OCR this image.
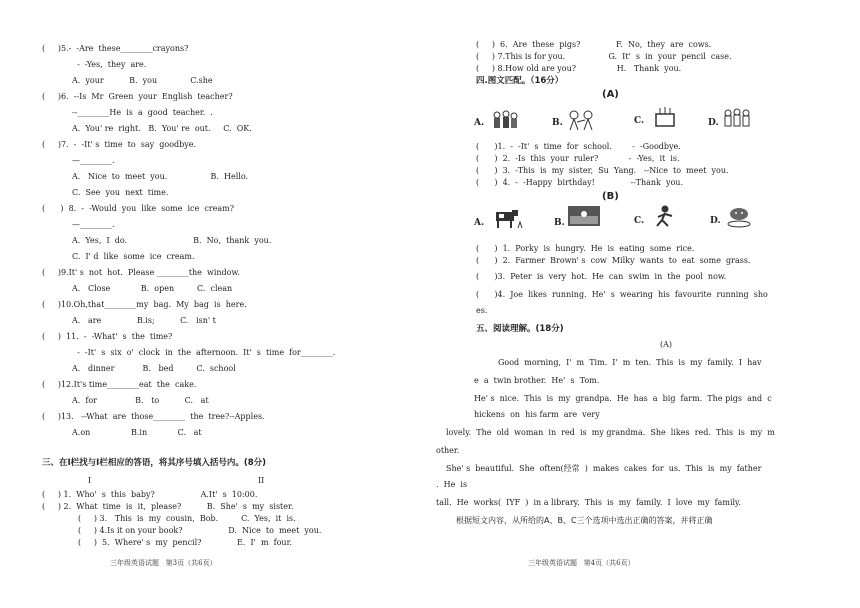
(     )5.-  -Are  these________crayons?
-  -Yes,  they  are.
A.  your          B.  you             C.she
(     )6.  --Is  Mr  Green  your  English  teacher?
--________He  is  a  good  teacher.  .
A.  You' re  right.   B.  You' re  out.     C.  OK.
(     )7.  -  -It' s  time  to  say  goodbye.
—________.
A.   Nice  to  meet  you.                 B.  Hello.
C.  See  you  next  time.
(      )  8.  -  -Would  you  like  some  ice  cream?
—________.
A.  Yes,  I  do.                          B.  No,  thank  you.
C.  I' d  like  some  ice  cream.
(     )9.It' s  not  hot.  Please ________the  window.
A.   Close            B.  open         C.  clean
(     )10.Oh,that________my  bag.  My  bag  is  here.
A.   are              B.is;          C.   isn' t
(     )  11.  -  -What'  s  the  time?
-  -It'  s  six  o'  clock  in  the  afternoon.  It'  s  time  for________.
A.   dinner           B.   bed         C.  school
(     )12.It's time________eat  the  cake.
A.  for               B.   to          C.   at
(     )13.   --What  are  those________  the  tree?--Apples.
A.on                B.in            C.   at
三、在Ⅰ栏找与Ⅰ栏相应的答语，将其序号填入括号内。(8分)
I	II
(     ) 1.  Who'  s  this  baby?                  A.It'  s  10:00.
(     ) 2.  What  time  is  it,  please?          B.  She'  s  my  sister.
(     ) 3.   This  is  my  cousin,  Bob.         C.  Yes,  it  is.
(     ) 4.Is it on your book?                  D.  Nice  to  meet  you.
(     )  5.  Where' s  my  pencil?              E.  I'  m  four.
三年级英语试题   第3页（共6页）
(     )  6.  Are  these  pigs?              F.  No,  they  are  cows.
(     ) 7.This is for you.                 G.  It'  s  in  your  pencil  case.
(     ) 8.How old are you?                H.   Thank  you.
四.图文匹配。（16分）
(A)
A.	B.	C.	D.
(      )1.  -  -It'  s  time  for  school.        -  -Goodbye.
(      )  2.  -Is  this  your  ruler?            -  -Yes,  it  is.
(      )  3.  -This  is  my  sister,  Su  Yang.   --Nice  to  meet  you.
(      )  4.  -  -Happy  birthday!              --Thank  you.
(B)
A.	B.	C.	D.
(      )  1.  Porky  is  hungry.  He  is  eating  some  rice.
(      )  2.  Farmer  Brown' s  cow  Milky  wants  to  eat  some  grass.
(      )3.  Peter  is  very  hot.  He  can  swim  in  the  pool  now.
(      )4.  Joe  likes  running.  He'  s  wearing  his  favourite  running  sho
es.
五、阅读理解。(18分)
(A)
Good  morning,  I'  m  Tim.  I'  m  ten.  This  is  my  family.  I  hav
e  a  twin brother.  He'  s  Tom.
He' s  nice.  This  is  my  grandpa.  He  has  a  big  farm.  The pigs  and  c
hickens  on  his farm  are  very
lovely.  The  old  woman  in  red  is  my grandma.  She  likes  red.  This  is  my  m
other.
She' s  beautiful.  She  often(经常  )  makes  cakes  for  us.  This  is  my  father
.  He  is
tall.  He  works(  IYF  )  in a library.  This  is  my  family.  I  love  my  family.
根据短文内容，从所给的A、B、C三个选项中选出正确的答案，并将正确
三年级英语试题   第4页（共6页）
